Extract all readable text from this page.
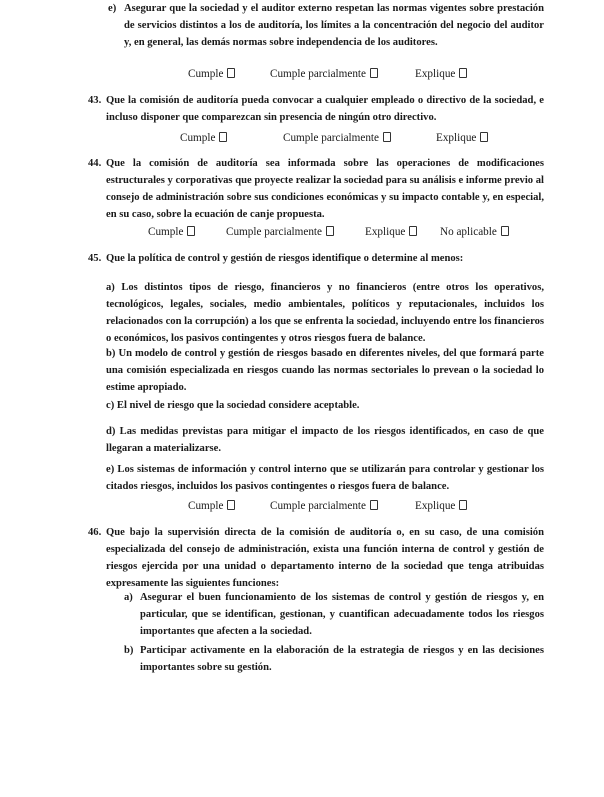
e) Asegurar que la sociedad y el auditor externo respetan las normas vigentes sobre prestación de servicios distintos a los de auditoría, los límites a la concentración del negocio del auditor y, en general, las demás normas sobre independencia de los auditores.
Cumple	Cumple parcialmente	Explique
43. Que la comisión de auditoría pueda convocar a cualquier empleado o directivo de la sociedad, e incluso disponer que comparezcan sin presencia de ningún otro directivo.
Cumple	Cumple parcialmente	Explique
44. Que la comisión de auditoría sea informada sobre las operaciones de modificaciones estructurales y corporativas que proyecte realizar la sociedad para su análisis e informe previo al consejo de administración sobre sus condiciones económicas y su impacto contable y, en especial, en su caso, sobre la ecuación de canje propuesta.
Cumple	Cumple parcialmente	Explique	No aplicable
45. Que la política de control y gestión de riesgos identifique o determine al menos:
a) Los distintos tipos de riesgo, financieros y no financieros (entre otros los operativos, tecnológicos, legales, sociales, medio ambientales, políticos y reputacionales, incluidos los relacionados con la corrupción) a los que se enfrenta la sociedad, incluyendo entre los financieros o económicos, los pasivos contingentes y otros riesgos fuera de balance.
b) Un modelo de control y gestión de riesgos basado en diferentes niveles, del que formará parte una comisión especializada en riesgos cuando las normas sectoriales lo prevean o la sociedad lo estime apropiado.
c) El nivel de riesgo que la sociedad considere aceptable.
d) Las medidas previstas para mitigar el impacto de los riesgos identificados, en caso de que llegaran a materializarse.
e) Los sistemas de información y control interno que se utilizarán para controlar y gestionar los citados riesgos, incluidos los pasivos contingentes o riesgos fuera de balance.
Cumple	Cumple parcialmente	Explique
46. Que bajo la supervisión directa de la comisión de auditoría o, en su caso, de una comisión especializada del consejo de administración, exista una función interna de control y gestión de riesgos ejercida por una unidad o departamento interno de la sociedad que tenga atribuidas expresamente las siguientes funciones:
a) Asegurar el buen funcionamiento de los sistemas de control y gestión de riesgos y, en particular, que se identifican, gestionan, y cuantifican adecuadamente todos los riesgos importantes que afecten a la sociedad.
b) Participar activamente en la elaboración de la estrategia de riesgos y en las decisiones importantes sobre su gestión.
